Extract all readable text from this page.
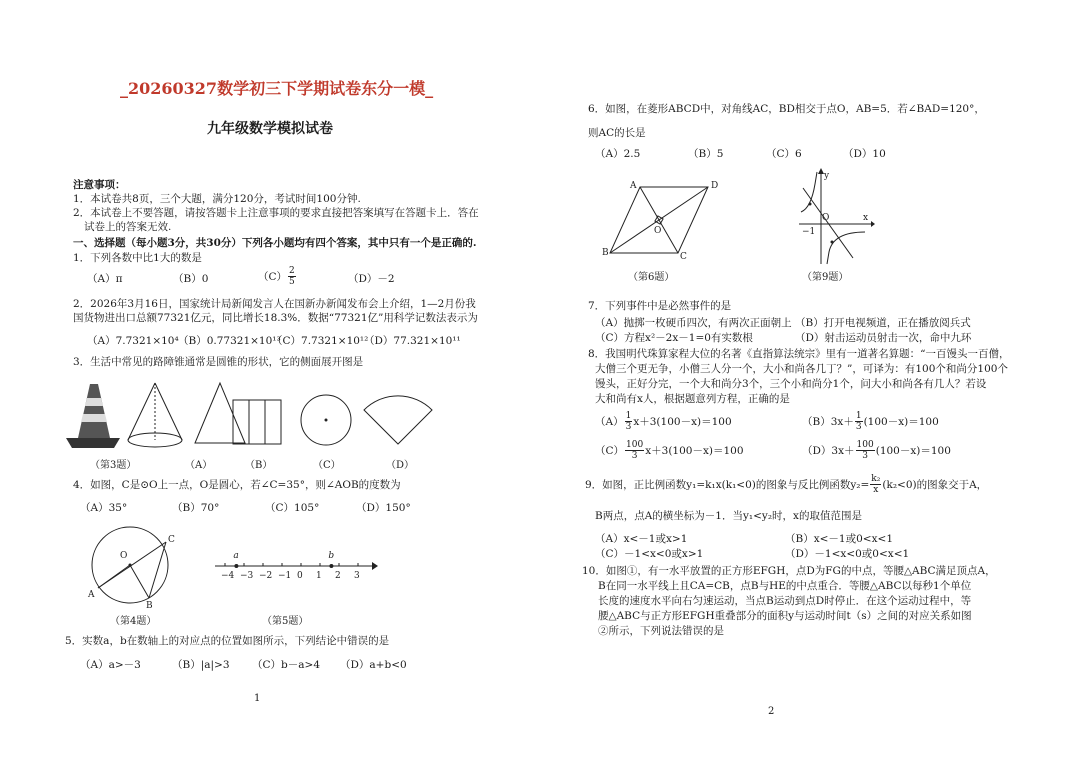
_20260327数学初三下学期试卷东分一模_
九年级数学模拟试卷
注意事项：
1．本试卷共8页，三个大题，满分120分，考试时间100分钟.
2．本试卷上不要答题，请按答题卡上注意事项的要求直接把答案填写在答题卡上．答在
试卷上的答案无效.
一、选择题（每小题3分，共30分）下列各小题均有四个答案，其中只有一个是正确的.
1．下列各数中比1大的数是
（A）π	（B）0	$(C) \frac{2}{5}$	（D）－2
2．2026年3月16日，国家统计局新闻发言人在国新办新闻发布会上介绍，1—2月份我
国货物进出口总额77321亿元，同比增长18.3%．数据“77321亿”用科学记数法表示为
（A）7.7321×10⁴ （B）0.77321×10¹³
（C）7.7321×10¹²
（D）77.321×10¹¹
3．生活中常见的路障锥通常是圆锥的形状，它的侧面展开图是
（第3题）	（A）	（B）	（C）	（D）
4．如图，C是⊙O上一点，O是圆心，若∠C=35°，则∠AOB的度数为
（A）35°	（B）70°	（C）105°	（D）150°
O
A
B
C
−4 −3 −2 −1 0 1 2 3
a	b
（第4题）	（第5题）
5．实数a，b在数轴上的对应点的位置如图所示，下列结论中错误的是
（A）a>－3	（B）|a|>3 （C）b－a>4 （D）a+b<0
1
6．如图，在菱形ABCD中，对角线AC，BD相交于点O，AB=5．若∠BAD=120°，
则AC的长是
（A）2.5	（B）5	（C）6	（D）10
A	D
B	C
O
y
x
O
−1
（第6题）	（第9题）
7．下列事件中是必然事件的是
（A）抛掷一枚硬币四次，有两次正面朝上 （B）打开电视频道，正在播放阅兵式
（C）方程x²－2x－1=0有实数根	（D）射击运动员射击一次，命中九环
8．我国明代珠算家程大位的名著《直指算法统宗》里有一道著名算题：“一百馒头一百僧，
大僧三个更无争，小僧三人分一个，大小和尚各几丁？”，可译为：有100个和尚分100个
馒头，正好分完，一个大和尚分3个，三个小和尚分1个，问大小和尚各有几人？若设
大和尚有x人，根据题意列方程，正确的是
$(A) \frac{1}{3} x+3(100-x)=100$	$(B)3x+ \frac{1}{3} (100-x)=100$
$(C) \frac{100}{3} x+3(100-x)=100$	$(D)3x+ \frac{100}{3} (100-x)=100$
9．如图，正比例函数y₁=k₁x(k₁<0)的图象与反比例函数$y_2= \frac{\text{k₂}}{x} (k_2<0)$的图象交于A，
B两点，点A的横坐标为－1．当y₁<y₂时，x的取值范围是
（A）x<－1或x>1	（B）x<－1或0<x<1
（C）－1<x<0或x>1	（D）－1<x<0或0<x<1
10．如图①，有一水平放置的正方形EFGH，点D为FG的中点，等腰△ABC满足顶点A，
B在同一水平线上且CA=CB，点B与HE的中点重合．等腰△ABC以每秒1个单位
长度的速度水平向右匀速运动，当点B运动到点D时停止．在这个运动过程中，等
腰△ABC与正方形EFGH重叠部分的面积y与运动时间t（s）之间的对应关系如图
②所示，下列说法错误的是
2
